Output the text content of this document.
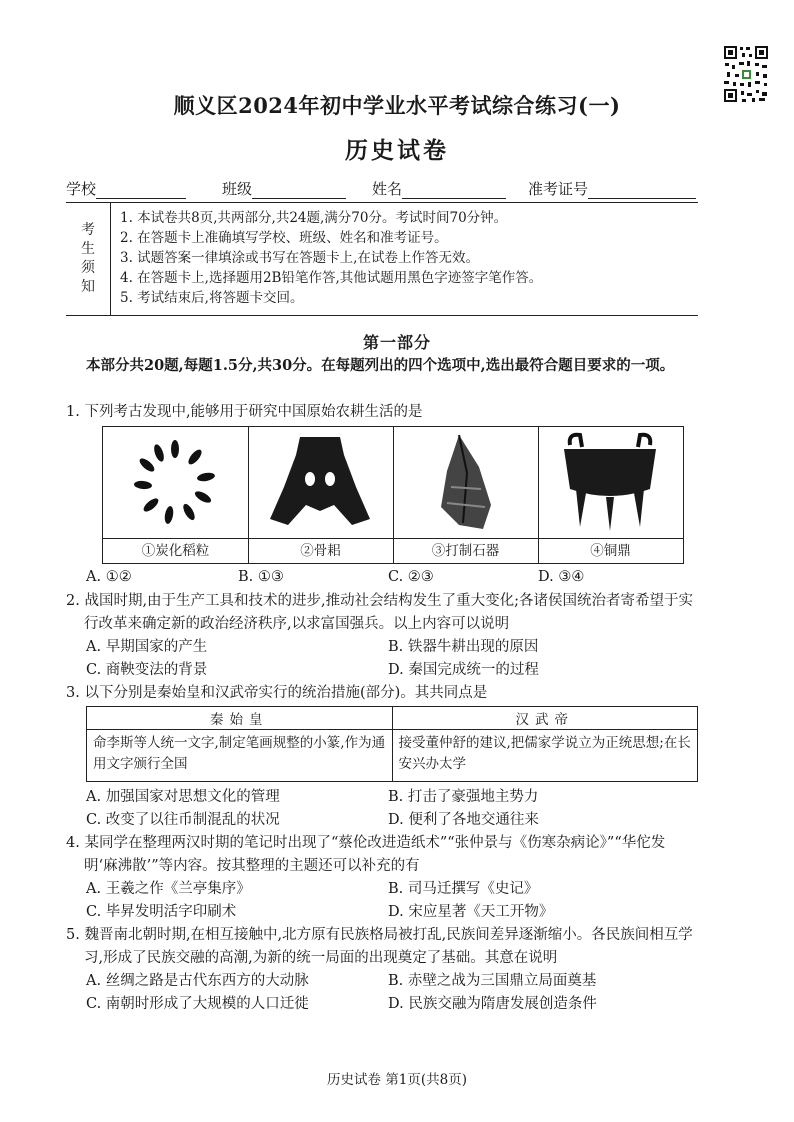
顺义区2024年初中学业水平考试综合练习(一)
历史试卷
学校	班级	姓名	准考证号
考
生
须
知
1. 本试卷共8页,共两部分,共24题,满分70分。考试时间70分钟。
2. 在答题卡上准确填写学校、班级、姓名和准考证号。
3. 试题答案一律填涂或书写在答题卡上,在试卷上作答无效。
4. 在答题卡上,选择题用2B铅笔作答,其他试题用黑色字迹签字笔作答。
5. 考试结束后,将答题卡交回。
第一部分
本部分共20题,每题1.5分,共30分。在每题列出的四个选项中,选出最符合题目要求的一项。
1. 下列考古发现中,能够用于研究中国原始农耕生活的是
①炭化稻粒	②骨耜	③打制石器	④铜鼎
A. ①②	B. ①③	C. ②③	D. ③④
2. 战国时期,由于生产工具和技术的进步,推动社会结构发生了重大变化;各诸侯国统治者寄希望于实行改革来确定新的政治经济秩序,以求富国强兵。以上内容可以说明
A. 早期国家的产生	B. 铁器牛耕出现的原因
C. 商鞅变法的背景	D. 秦国完成统一的过程
3. 以下分别是秦始皇和汉武帝实行的统治措施(部分)。其共同点是
秦始皇	汉武帝
命李斯等人统一文字,制定笔画规整的小篆,作为通用文字颁行全国	接受董仲舒的建议,把儒家学说立为正统思想;在长安兴办太学
A. 加强国家对思想文化的管理	B. 打击了豪强地主势力
C. 改变了以往币制混乱的状况	D. 便利了各地交通往来
4. 某同学在整理两汉时期的笔记时出现了“蔡伦改进造纸术”“张仲景与《伤寒杂病论》”“华佗发明‘麻沸散’”等内容。按其整理的主题还可以补充的有
A. 王羲之作《兰亭集序》	B. 司马迁撰写《史记》
C. 毕昇发明活字印刷术	D. 宋应星著《天工开物》
5. 魏晋南北朝时期,在相互接触中,北方原有民族格局被打乱,民族间差异逐渐缩小。各民族间相互学习,形成了民族交融的高潮,为新的统一局面的出现奠定了基础。其意在说明
A. 丝绸之路是古代东西方的大动脉	B. 赤壁之战为三国鼎立局面奠基
C. 南朝时形成了大规模的人口迁徙	D. 民族交融为隋唐发展创造条件
历史试卷 第1页(共8页)
